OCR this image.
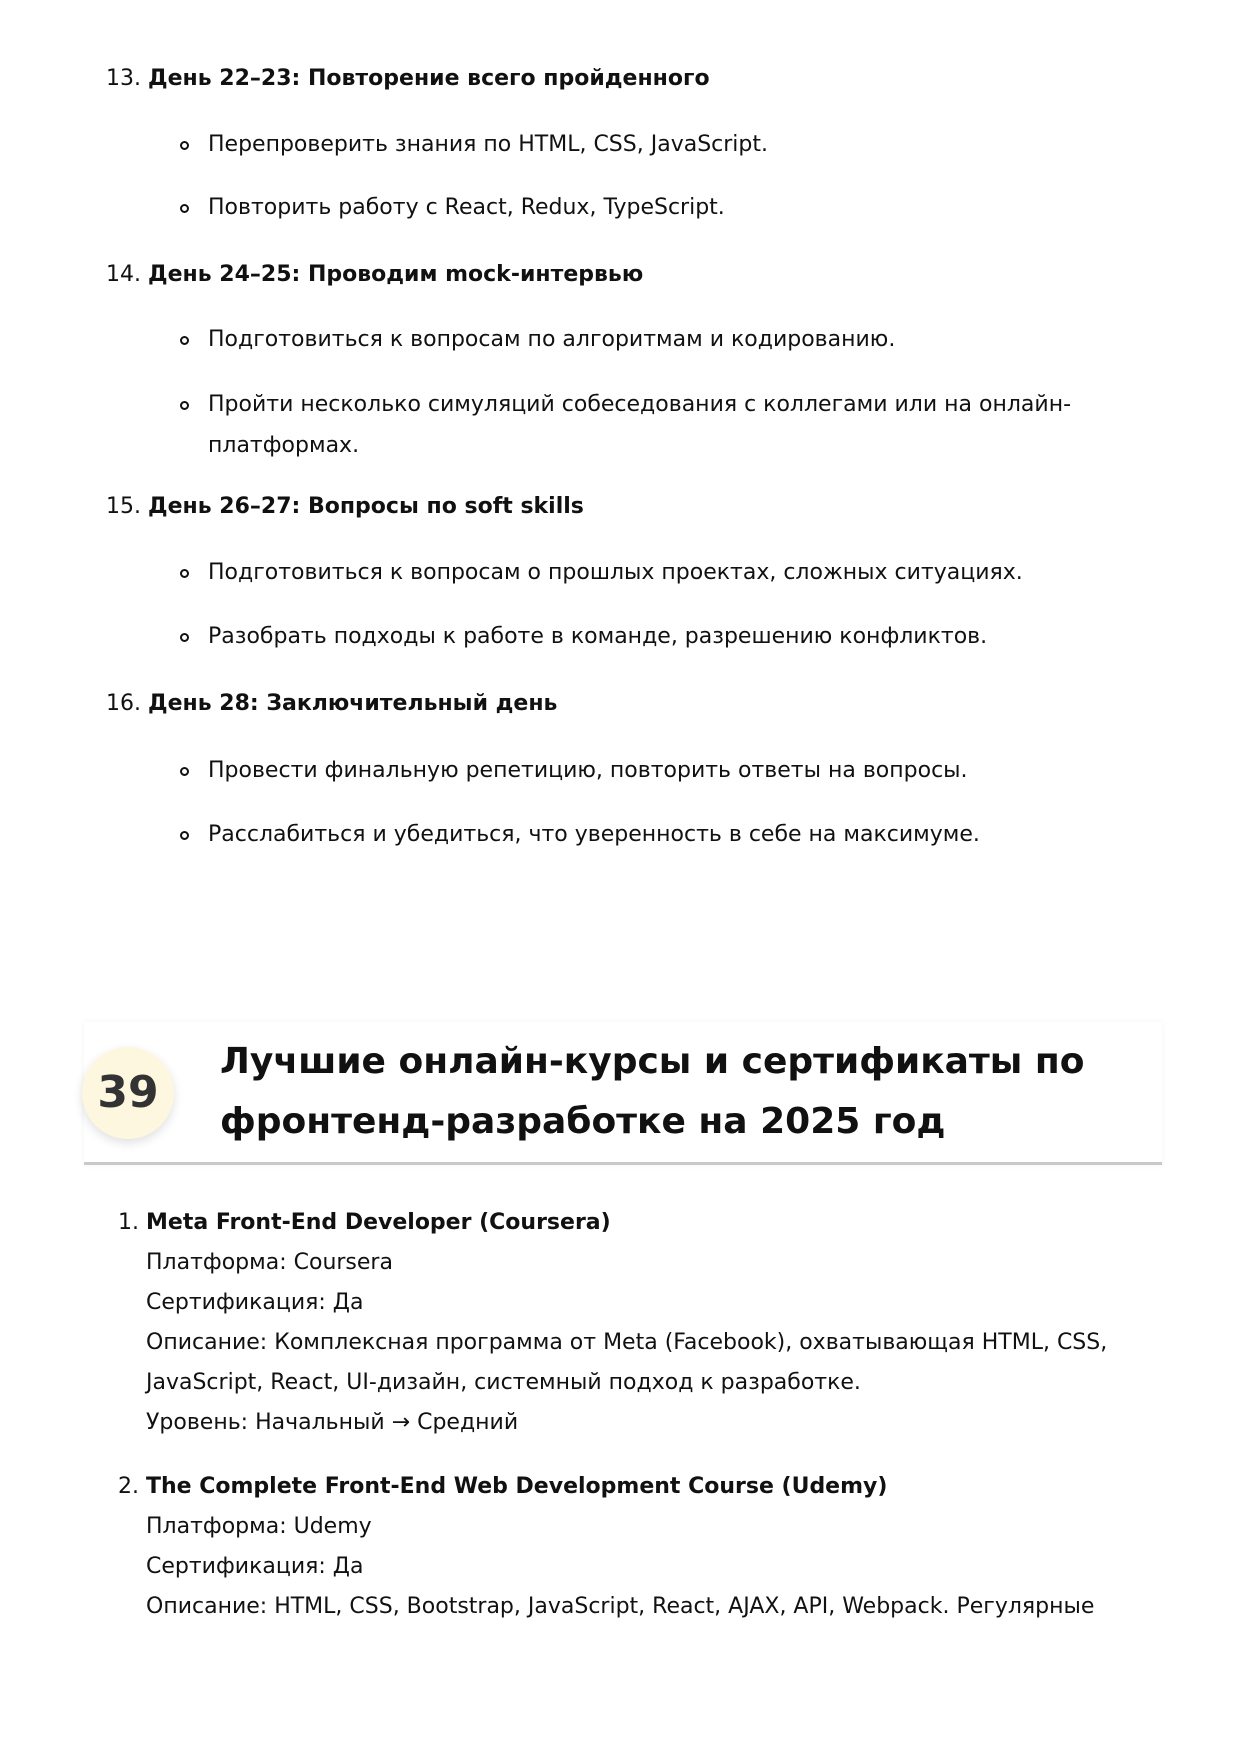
13. День 22–23: Повторение всего пройденного
Перепроверить знания по HTML, CSS, JavaScript.
Повторить работу с React, Redux, TypeScript.
14. День 24–25: Проводим mock-интервью
Подготовиться к вопросам по алгоритмам и кодированию.
Пройти несколько симуляций собеседования с коллегами или на онлайн-
платформах.
15. День 26–27: Вопросы по soft skills
Подготовиться к вопросам о прошлых проектах, сложных ситуациях.
Разобрать подходы к работе в команде, разрешению конфликтов.
16. День 28: Заключительный день
Провести финальную репетицию, повторить ответы на вопросы.
Расслабиться и убедиться, что уверенность в себе на максимуме.
39
Лучшие онлайн-курсы и сертификаты по
фронтенд-разработке на 2025 год
1. Meta Front-End Developer (Coursera)
Платформа: Coursera
Сертификация: Да
Описание: Комплексная программа от Meta (Facebook), охватывающая HTML, CSS,
JavaScript, React, UI-дизайн, системный подход к разработке.
Уровень: Начальный → Средний
2. The Complete Front-End Web Development Course (Udemy)
Платформа: Udemy
Сертификация: Да
Описание: HTML, CSS, Bootstrap, JavaScript, React, AJAX, API, Webpack. Регулярные
